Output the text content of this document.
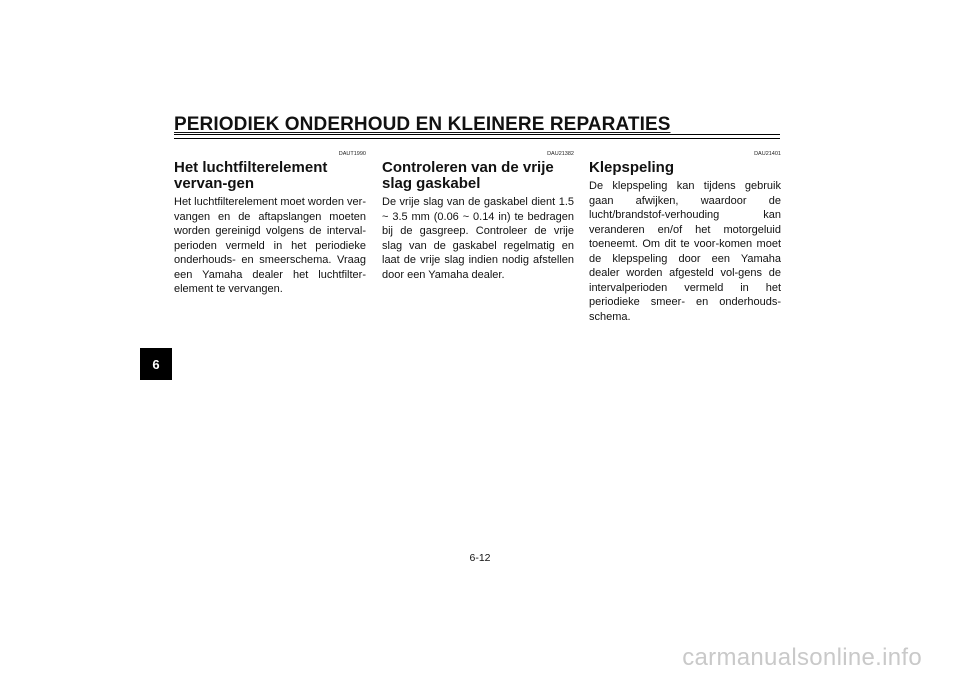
PERIODIEK ONDERHOUD EN KLEINERE REPARATIES
6
DAUT1990
Het luchtfilterelement vervan-gen
Het luchtfilterelement moet worden ver-vangen en de aftapslangen moeten worden gereinigd volgens de interval-perioden vermeld in het periodieke onderhouds- en smeerschema. Vraag een Yamaha dealer het luchtfilter-element te vervangen.
DAU21382
Controleren van de vrije slag gaskabel
De vrije slag van de gaskabel dient 1.5 ~ 3.5 mm (0.06 ~ 0.14 in) te bedragen bij de gasgreep. Controleer de vrije slag van de gaskabel regelmatig en laat de vrije slag indien nodig afstellen door een Yamaha dealer.
DAU21401
Klepspeling
De klepspeling kan tijdens gebruik gaan afwijken, waardoor de lucht/brandstof-verhouding kan veranderen en/of het motorgeluid toeneemt. Om dit te voor-komen moet de klepspeling door een Yamaha dealer worden afgesteld vol-gens de intervalperioden vermeld in het periodieke smeer- en onderhouds-schema.
6-12
carmanualsonline.info
